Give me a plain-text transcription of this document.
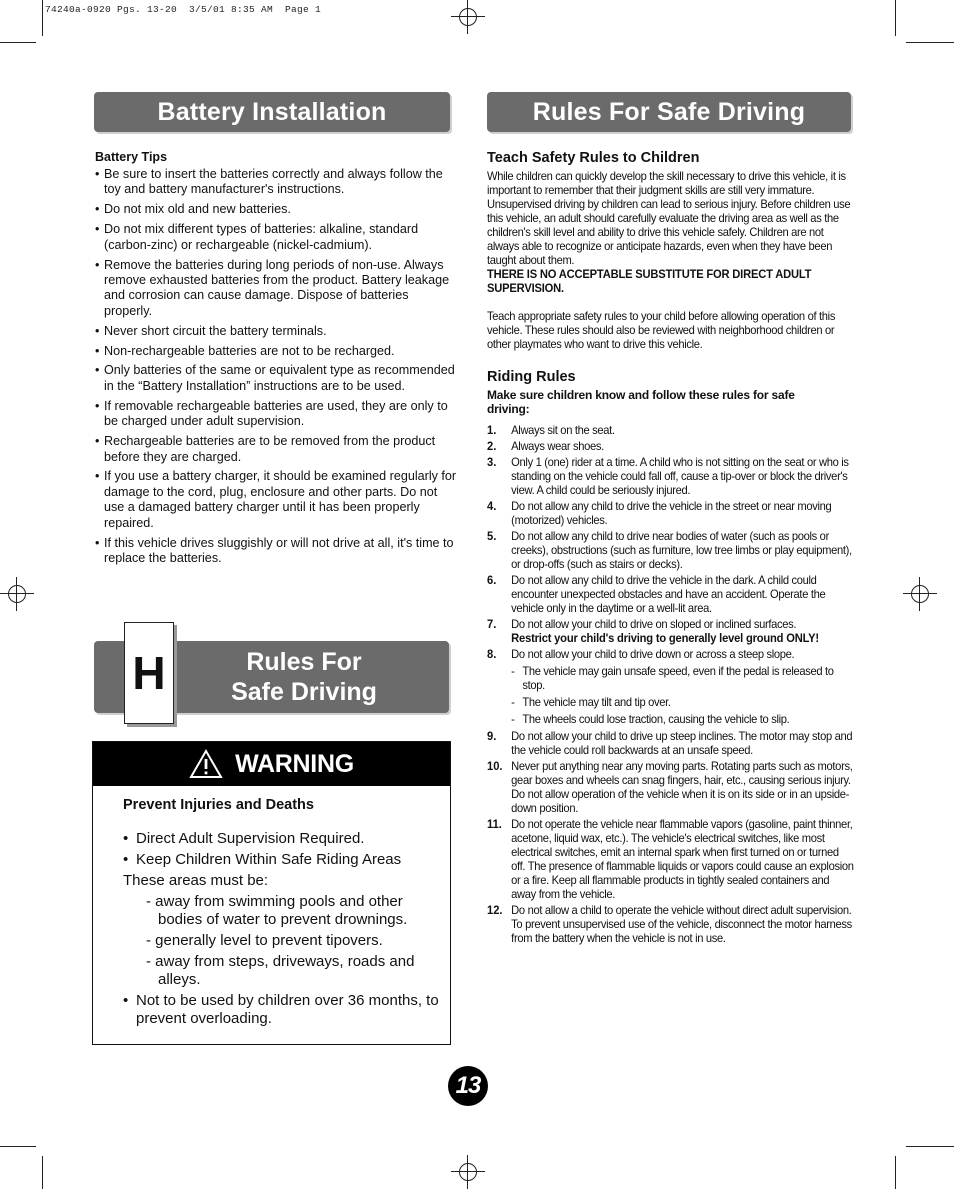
74240a-0920 Pgs. 13-20  3/5/01 8:35 AM  Page 1
Battery Installation
Battery Tips
• Be sure to insert the batteries correctly and always follow the toy and battery manufacturer's instructions.
• Do not mix old and new batteries.
• Do not mix different types of batteries: alkaline, standard (carbon-zinc) or rechargeable (nickel-cadmium).
• Remove the batteries during long periods of non-use. Always remove exhausted batteries from the product. Battery leakage and corrosion can cause damage. Dispose of batteries properly.
• Never short circuit the battery terminals.
• Non-rechargeable batteries are not to be recharged.
• Only batteries of the same or equivalent type as recommended in the “Battery Installation” instructions are to be used.
• If removable rechargeable batteries are used, they are only to be charged under adult supervision.
• Rechargeable batteries are to be removed from the product before they are charged.
• If you use a battery charger, it should be examined regularly for damage to the cord, plug, enclosure and other parts. Do not use a damaged battery charger until it has been properly repaired.
• If this vehicle drives sluggishly or will not drive at all, it's time to replace the batteries.
Rules For
Safe Driving
H
WARNING
Prevent Injuries and Deaths
• Direct Adult Supervision Required.
• Keep Children Within Safe Riding Areas
These areas must be:
- away from swimming pools and other bodies of water to prevent drownings.
- generally level to prevent tipovers.
- away from steps, driveways, roads and alleys.
• Not to be used by children over 36 months, to prevent overloading.
Rules For Safe Driving
Teach Safety Rules to Children
While children can quickly develop the skill necessary to drive this vehicle, it is important to remember that their judgment skills are still very immature. Unsupervised driving by children can lead to serious injury. Before children use this vehicle, an adult should carefully evaluate the driving area as well as the children's skill level and ability to drive this vehicle safely. Children are not always able to recognize or anticipate hazards, even when they have been taught about them.
THERE IS NO ACCEPTABLE SUBSTITUTE FOR DIRECT ADULT SUPERVISION.
Teach appropriate safety rules to your child before allowing operation of this vehicle. These rules should also be reviewed with neighborhood children or other playmates who want to drive this vehicle.
Riding Rules
Make sure children know and follow these rules for safe driving:
1. Always sit on the seat.
2. Always wear shoes.
3. Only 1 (one) rider at a time. A child who is not sitting on the seat or who is standing on the vehicle could fall off, cause a tip-over or block the driver's view. A child could be seriously injured.
4. Do not allow any child to drive the vehicle in the street or near moving (motorized) vehicles.
5. Do not allow any child to drive near bodies of water (such as pools or creeks), obstructions (such as furniture, low tree limbs or play equipment), or drop-offs (such as stairs or decks).
6. Do not allow any child to drive the vehicle in the dark. A child could encounter unexpected obstacles and have an accident. Operate the vehicle only in the daytime or a well-lit area.
7. Do not allow your child to drive on sloped or inclined surfaces.
Restrict your child's driving to generally level ground ONLY!
8. Do not allow your child to drive down or across a steep slope.
- The vehicle may gain unsafe speed, even if the pedal is released to stop.
- The vehicle may tilt and tip over.
- The wheels could lose traction, causing the vehicle to slip.
9. Do not allow your child to drive up steep inclines. The motor may stop and the vehicle could roll backwards at an unsafe speed.
10. Never put anything near any moving parts. Rotating parts such as motors, gear boxes and wheels can snag fingers, hair, etc., causing serious injury. Do not allow operation of the vehicle when it is on its side or in an upside-down position.
11. Do not operate the vehicle near flammable vapors (gasoline, paint thinner, acetone, liquid wax, etc.). The vehicle's electrical switches, like most electrical switches, emit an internal spark when first turned on or turned off. The presence of flammable liquids or vapors could cause an explosion or a fire. Keep all flammable products in tightly sealed containers and away from the vehicle.
12. Do not allow a child to operate the vehicle without direct adult supervision. To prevent unsupervised use of the vehicle, disconnect the motor harness from the battery when the vehicle is not in use.
13
